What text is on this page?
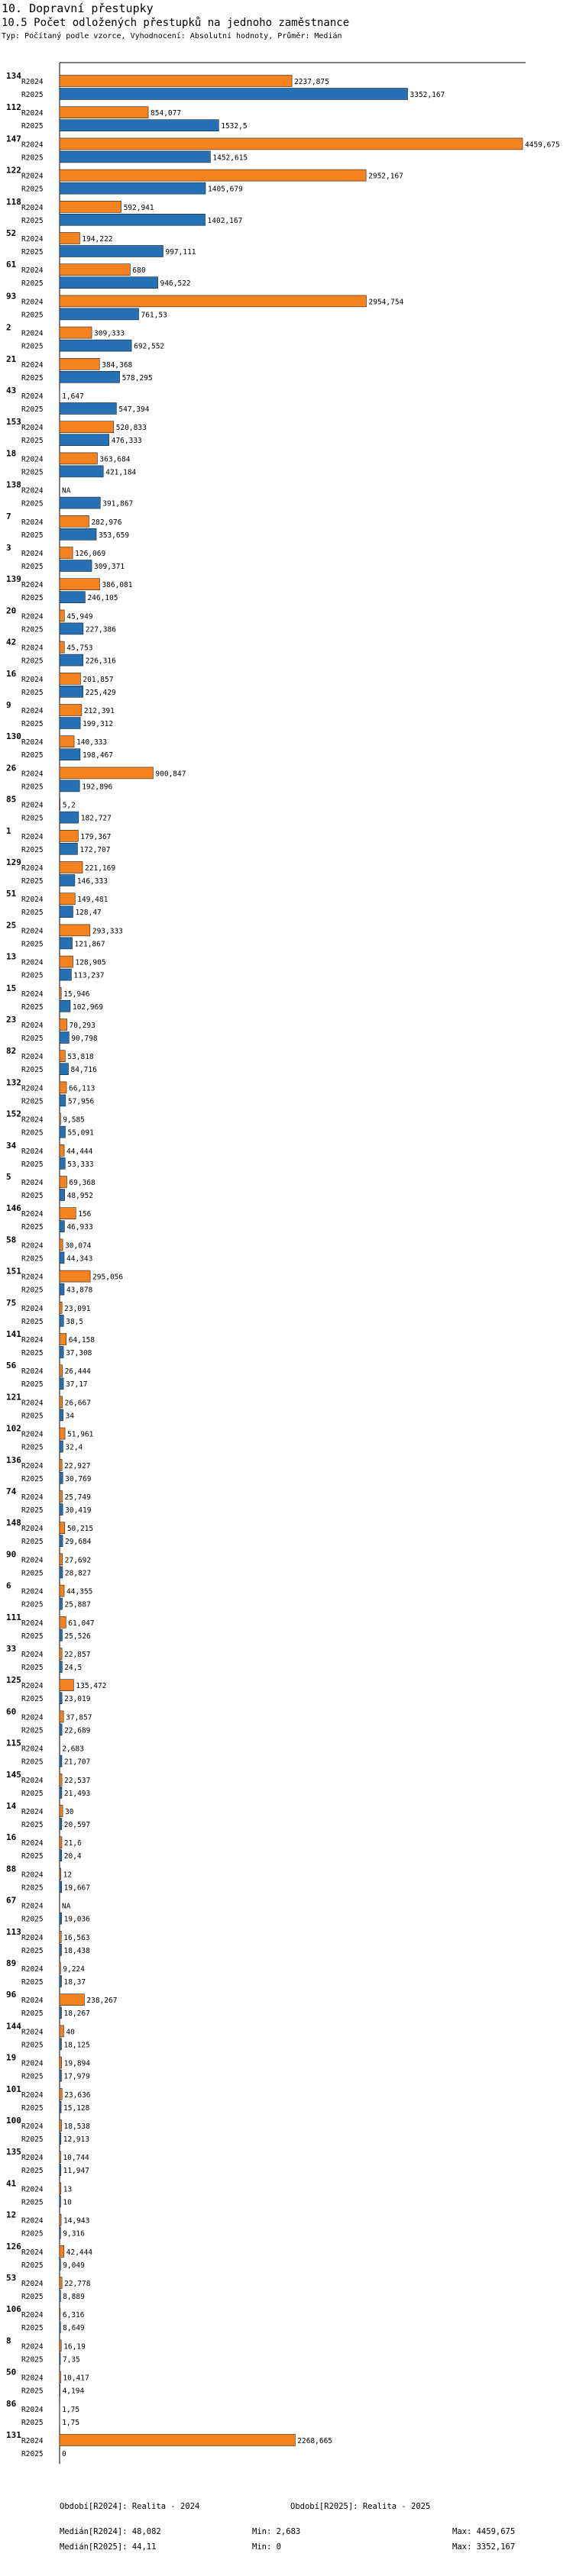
10. Dopravní přestupky
10.5 Počet odložených přestupků na jednoho zaměstnance
Typ: Počítaný podle vzorce, Vyhodnocení: Absolutní hodnoty, Průměr: Medián
134
R2024	2237,875
R2025	3352,167
112
R2024	854,077
R2025	1532,5
147
R2024	4459,675
R2025	1452,615
122
R2024	2952,167
R2025	1405,679
118
R2024	592,941
R2025	1402,167
52
R2024	194,222
R2025	997,111
61
R2024	680
R2025	946,522
93
R2024	2954,754
R2025	761,53
2
R2024	309,333
R2025	692,552
21
R2024	384,368
R2025	578,295
43
R2024	1,647
R2025	547,394
153
R2024	520,833
R2025	476,333
18
R2024	363,684
R2025	421,184
138
R2024	NA
R2025	391,867
7
R2024	282,976
R2025	353,659
3
R2024	126,069
R2025	309,371
139
R2024	386,081
R2025	246,105
20
R2024	45,949
R2025	227,386
42
R2024	45,753
R2025	226,316
16
R2024	201,857
R2025	225,429
9
R2024	212,391
R2025	199,312
130
R2024	140,333
R2025	198,467
26
R2024	900,847
R2025	192,896
85
R2024	5,2
R2025	182,727
1
R2024	179,367
R2025	172,707
129
R2024	221,169
R2025	146,333
51
R2024	149,481
R2025	128,47
25
R2024	293,333
R2025	121,867
13
R2024	128,905
R2025	113,237
15
R2024	15,946
R2025	102,969
23
R2024	70,293
R2025	90,798
82
R2024	53,818
R2025	84,716
132
R2024	66,113
R2025	57,956
152
R2024	9,585
R2025	55,091
34
R2024	44,444
R2025	53,333
5
R2024	69,368
R2025	48,952
146
R2024	156
R2025	46,933
58
R2024	30,074
R2025	44,343
151
R2024	295,056
R2025	43,878
75
R2024	23,091
R2025	38,5
141
R2024	64,158
R2025	37,308
56
R2024	26,444
R2025	37,17
121
R2024	26,667
R2025	34
102
R2024	51,961
R2025	32,4
136
R2024	22,927
R2025	30,769
74
R2024	25,749
R2025	30,419
148
R2024	50,215
R2025	29,684
90
R2024	27,692
R2025	28,827
6
R2024	44,355
R2025	25,887
111
R2024	61,047
R2025	25,526
33
R2024	22,857
R2025	24,5
125
R2024	135,472
R2025	23,019
60
R2024	37,857
R2025	22,689
115
R2024	2,683
R2025	21,707
145
R2024	22,537
R2025	21,493
14
R2024	30
R2025	20,597
16
R2024	21,6
R2025	20,4
88
R2024	12
R2025	19,667
67
R2024	NA
R2025	19,036
113
R2024	16,563
R2025	18,438
89
R2024	9,224
R2025	18,37
96
R2024	238,267
R2025	18,267
144
R2024	40
R2025	18,125
19
R2024	19,894
R2025	17,979
101
R2024	23,636
R2025	15,128
100
R2024	18,538
R2025	12,913
135
R2024	10,744
R2025	11,947
41
R2024	13
R2025	10
12
R2024	14,943
R2025	9,316
126
R2024	42,444
R2025	9,049
53
R2024	22,778
R2025	8,889
106
R2024	6,316
R2025	8,649
8
R2024	16,19
R2025	7,35
50
R2024	10,417
R2025	4,194
86
R2024	1,75
R2025	1,75
131
R2024	2268,665
R2025	0
Období[R2024]: Realita - 2024	Období[R2025]: Realita - 2025
Medián[R2024]: 48,082	Min: 2,683	Max: 4459,675
Medián[R2025]: 44,11	Min: 0	Max: 3352,167
